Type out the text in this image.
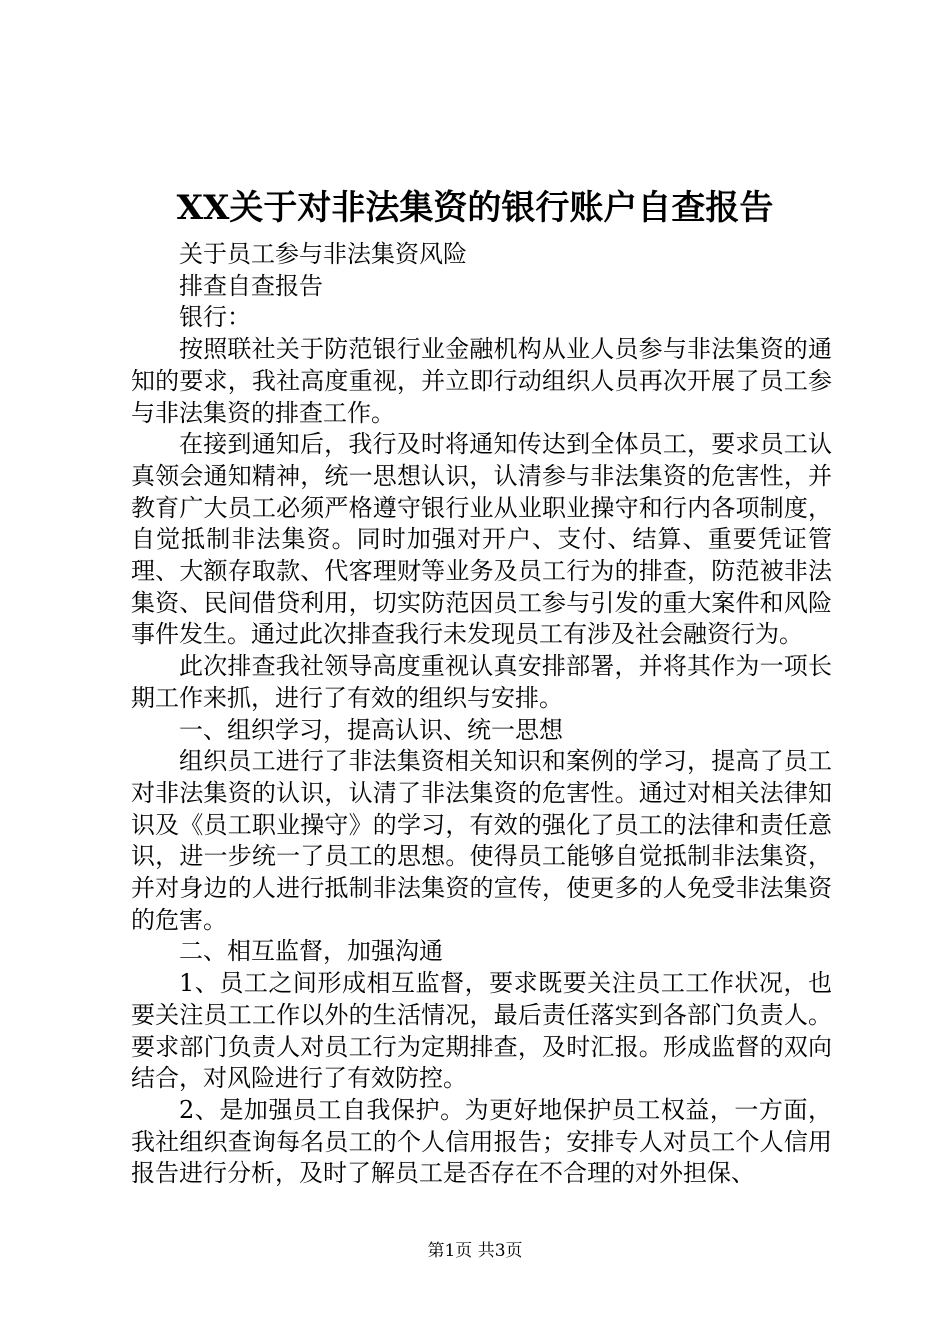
XX关于对非法集资的银行账户自查报告

关于员工参与非法集资风险

排查自查报告

银行：

按照联社关于防范银行业金融机构从业人员参与非法集资的通知的要求，我社高度重视，并立即行动组织人员再次开展了员工参与非法集资的排查工作。

在接到通知后，我行及时将通知传达到全体员工，要求员工认真领会通知精神，统一思想认识，认清参与非法集资的危害性，并教育广大员工必须严格遵守银行业从业职业操守和行内各项制度，自觉抵制非法集资。同时加强对开户、支付、结算、重要凭证管理、大额存取款、代客理财等业务及员工行为的排查，防范被非法集资、民间借贷利用，切实防范因员工参与引发的重大案件和风险事件发生。通过此次排查我行未发现员工有涉及社会融资行为。

此次排查我社领导高度重视认真安排部署，并将其作为一项长期工作来抓，进行了有效的组织与安排。

一、组织学习，提高认识、统一思想

组织员工进行了非法集资相关知识和案例的学习，提高了员工对非法集资的认识，认清了非法集资的危害性。通过对相关法律知识及《员工职业操守》的学习，有效的强化了员工的法律和责任意识，进一步统一了员工的思想。使得员工能够自觉抵制非法集资，并对身边的人进行抵制非法集资的宣传，使更多的人免受非法集资的危害。

二、相互监督，加强沟通

1、员工之间形成相互监督，要求既要关注员工工作状况，也要关注员工工作以外的生活情况，最后责任落实到各部门负责人。要求部门负责人对员工行为定期排查，及时汇报。形成监督的双向结合，对风险进行了有效防控。

2、是加强员工自我保护。为更好地保护员工权益，一方面，我社组织查询每名员工的个人信用报告；安排专人对员工个人信用报告进行分析，及时了解员工是否存在不合理的对外担保、

第1页 共3页
